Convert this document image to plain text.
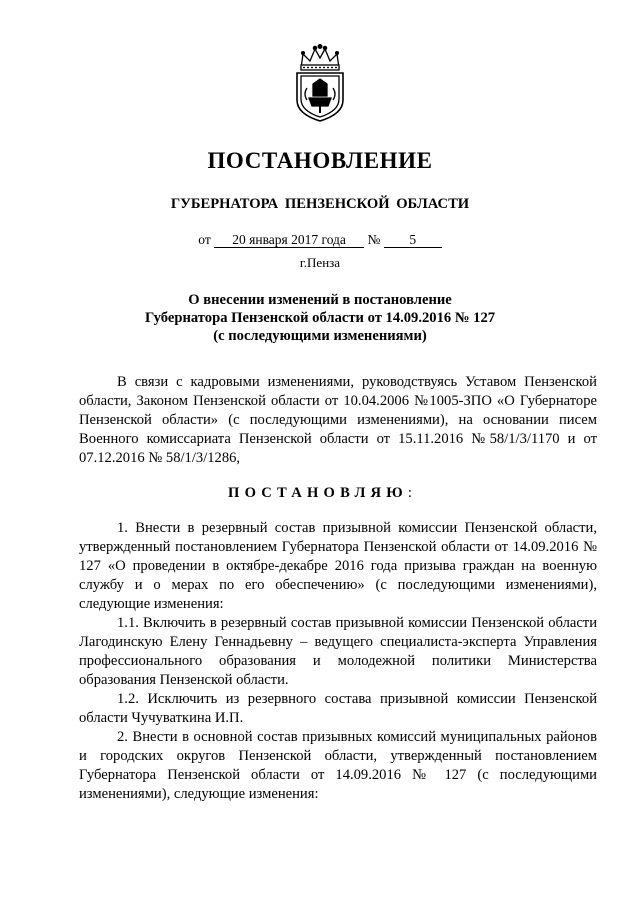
ПОСТАНОВЛЕНИЕ
ГУБЕРНАТОРА ПЕНЗЕНСКОЙ ОБЛАСТИ
от 20 января 2017 года № 5
г.Пенза
О внесении изменений в постановление
Губернатора Пензенской области от 14.09.2016 № 127
(с последующими изменениями)

В связи с кадровыми изменениями, руководствуясь Уставом Пензенской области, Законом Пензенской области от 10.04.2006 №1005-ЗПО «О Губернаторе Пензенской области» (с последующими изменениями), на основании писем Военного комиссариата Пензенской области от 15.11.2016 №58/1/3/1170 и от 07.12.2016 № 58/1/3/1286,

ПОСТАНОВЛЯЮ:

1. Внести в резервный состав призывной комиссии Пензенской области, утвержденный постановлением Губернатора Пензенской области от 14.09.2016 № 127 «О проведении в октябре-декабре 2016 года призыва граждан на военную службу и о мерах по его обеспечению» (с последующими изменениями), следующие изменения:

1.1. Включить в резервный состав призывной комиссии Пензенской области Лагодинскую Елену Геннадьевну – ведущего специалиста-эксперта Управления профессионального образования и молодежной политики Министерства образования Пензенской области.

1.2. Исключить из резервного состава призывной комиссии Пензенской области Чучуваткина И.П.

2. Внести в основной состав призывных комиссий муниципальных районов и городских округов Пензенской области, утвержденный постановлением Губернатора Пензенской области от 14.09.2016 № 127 (с последующими изменениями), следующие изменения:
